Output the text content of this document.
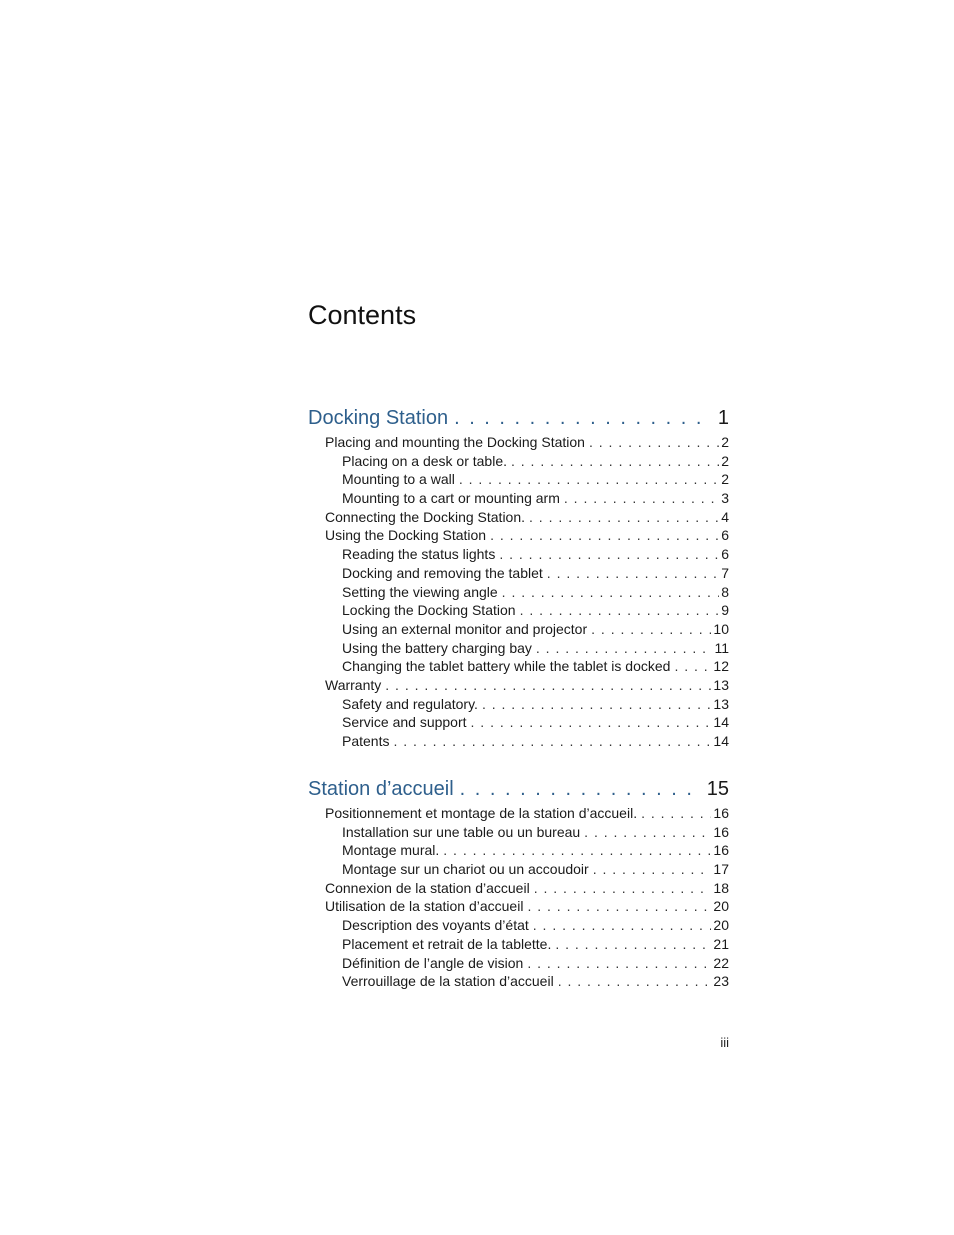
Contents
Docking Station . . .	1
Placing and mounting the Docking Station . . .	2
Placing on a desk or table. . . .	2
Mounting to a wall . . .	2
Mounting to a cart or mounting arm . . .	3
Connecting the Docking Station. . . .	4
Using the Docking Station . . .	6
Reading the status lights . . .	6
Docking and removing the tablet . . .	7
Setting the viewing angle . . .	8
Locking the Docking Station . . .	9
Using an external monitor and projector . . .	10
Using the battery charging bay . . .	11
Changing the tablet battery while the tablet is docked . . .	12
Warranty . . .	13
Safety and regulatory. . . .	13
Service and support . . .	14
Patents . . .	14
Station d’accueil . . .	15
Positionnement et montage de la station d’accueil. . . .	16
Installation sur une table ou un bureau . . .	16
Montage mural. . . .	16
Montage sur un chariot ou un accoudoir . . .	17
Connexion de la station d’accueil . . .	18
Utilisation de la station d’accueil . . .	20
Description des voyants d’état . . .	20
Placement et retrait de la tablette. . . .	21
Définition de l’angle de vision . . .	22
Verrouillage de la station d’accueil . . .	23
iii
